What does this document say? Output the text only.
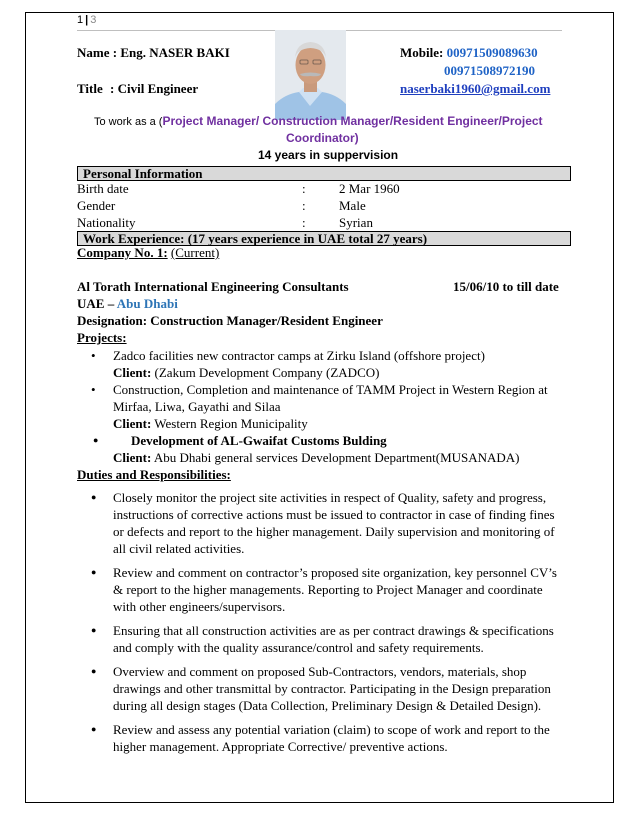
1 | 3
Name : Eng. NASER BAKI
Title : Civil Engineer
Mobile: 00971509089630
00971508972190
naserbaki1960@gmail.com
To work as a (Project Manager/ Construction Manager/Resident Engineer/Project
Coordinator)
14 years in suppervision
Personal Information
Birth date	:	2 Mar 1960
Gender	:	Male
Nationality	:	Syrian
Work Experience: (17 years experience in UAE total 27 years)
Company No. 1: (Current)
Al Torath International Engineering Consultants	15/06/10 to till date
UAE – Abu Dhabi
Designation: Construction Manager/Resident Engineer
Projects:
• Zadco facilities new contractor camps at Zirku Island (offshore project)
Client: (Zakum Development Company (ZADCO)
• Construction, Completion and maintenance of TAMM Project in Western Region at
Mirfaa, Liwa, Gayathi and Silaa
Client: Western Region Municipality
● Development of AL-Gwaifat Customs Bulding
Client: Abu Dhabi general services Development Department(MUSANADA)
Duties and Responsibilities:
● Closely monitor the project site activities in respect of Quality, safety and progress, instructions of corrective actions must be issued to contractor in case of finding fines or defects and report to the higher management. Daily supervision and monitoring of all civil related activities.
● Review and comment on contractor’s proposed site organization, key personnel CV’s & report to the higher managements. Reporting to Project Manager and coordinate with other engineers/supervisors.
● Ensuring that all construction activities are as per contract drawings & specifications and comply with the quality assurance/control and safety requirements.
● Overview and comment on proposed Sub-Contractors, vendors, materials, shop drawings and other transmittal by contractor. Participating in the Design preparation during all design stages (Data Collection, Preliminary Design & Detailed Design).
● Review and assess any potential variation (claim) to scope of work and report to the higher management. Appropriate Corrective/ preventive actions.
